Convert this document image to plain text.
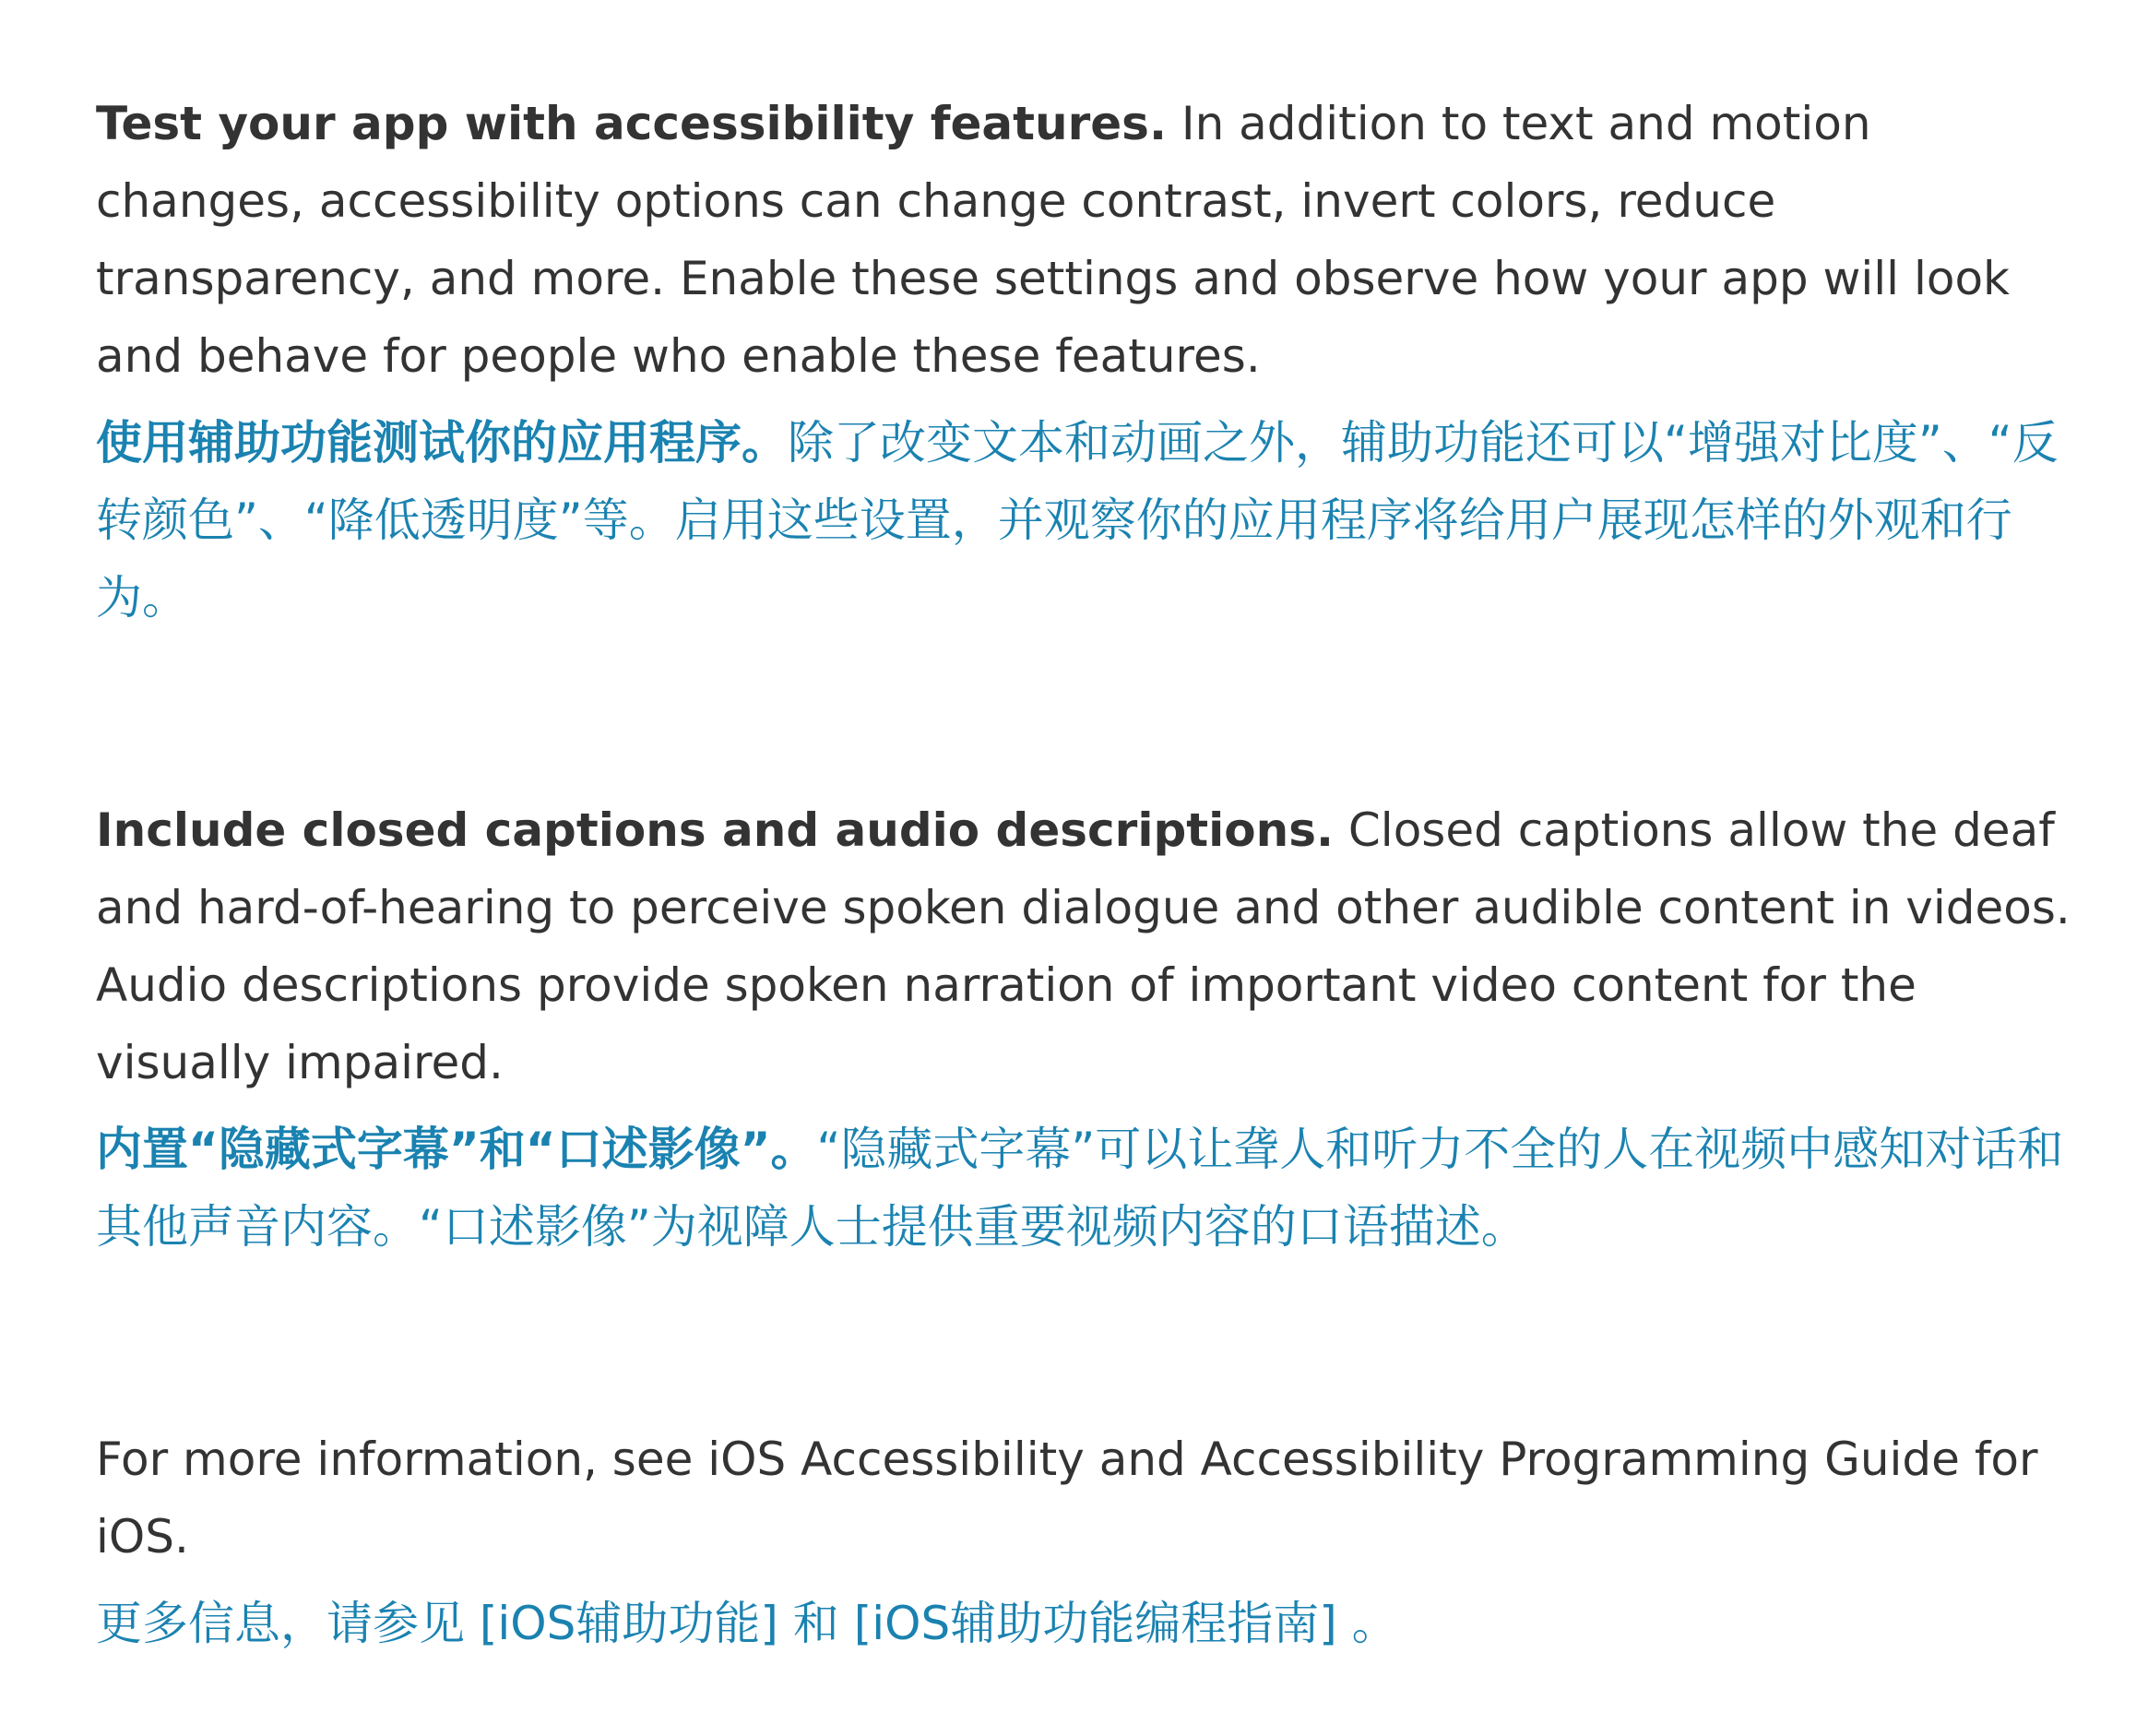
Test your app with accessibility features. In addition to text and motion changes, accessibility options can change contrast, invert colors, reduce transparency, and more. Enable these settings and observe how your app will look and behave for people who enable these features.

使用辅助功能测试你的应用程序。除了改变文本和动画之外，辅助功能还可以“增强对比度”、“反转颜色”、“降低透明度”等。启用这些设置，并观察你的应用程序将给用户展现怎样的外观和行为。

Include closed captions and audio descriptions. Closed captions allow the deaf and hard-of-hearing to perceive spoken dialogue and other audible content in videos. Audio descriptions provide spoken narration of important video content for the visually impaired.

内置“隐藏式字幕”和“口述影像”。“隐藏式字幕”可以让聋人和听力不全的人在视频中感知对话和其他声音内容。“口述影像”为视障人士提供重要视频内容的口语描述。

For more information, see iOS Accessibility and Accessibility Programming Guide for iOS.

更多信息，请参见 [iOS辅助功能] 和 [iOS辅助功能编程指南] 。
